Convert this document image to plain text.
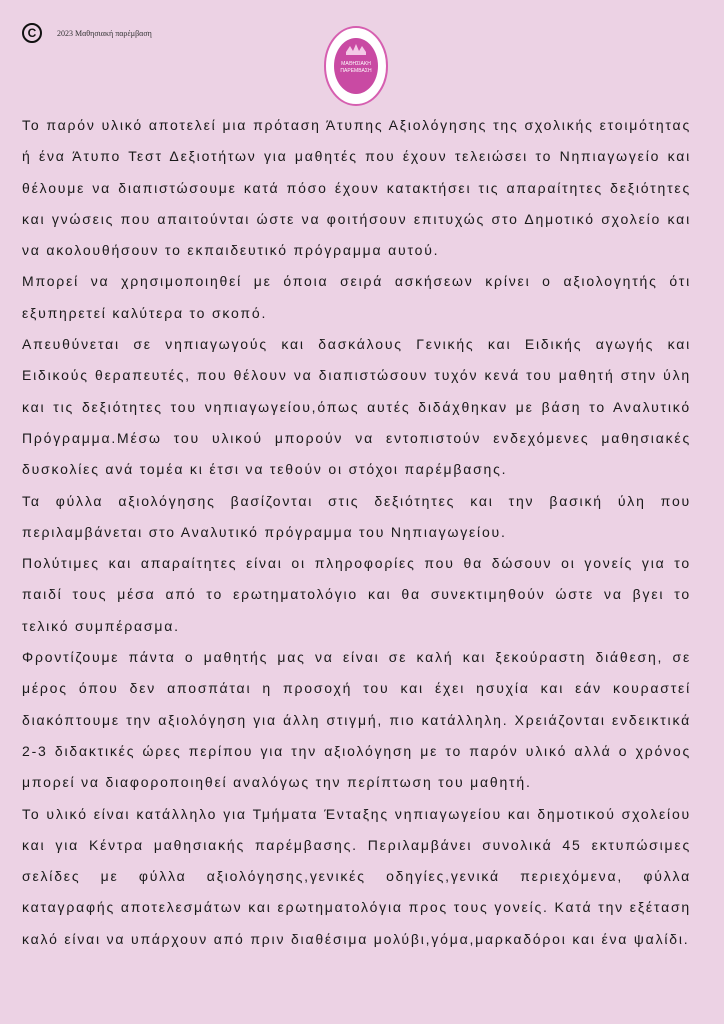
C	2023 Μαθησιακή παρέμβαση
ΜΑΘΗΣΙΑΚΗ
ΠΑΡΕΜΒΑΣΗ

Το παρόν υλικό αποτελεί μια πρόταση Άτυπης Αξιολόγησης της σχολικής ετοιμότητας ή ένα Άτυπο Τεστ Δεξιοτήτων για μαθητές που έχουν τελειώσει το Νηπιαγωγείο και θέλουμε να διαπιστώσουμε κατά πόσο έχουν κατακτήσει τις απαραίτητες δεξιότητες και γνώσεις που απαιτούνται ώστε να φοιτήσουν επιτυχώς στο Δημοτικό σχολείο και να ακολουθήσουν το εκπαιδευτικό πρόγραμμα αυτού.

Μπορεί να χρησιμοποιηθεί με όποια σειρά ασκήσεων κρίνει ο αξιολογητής ότι εξυπηρετεί καλύτερα το σκοπό.

Απευθύνεται σε νηπιαγωγούς και δασκάλους Γενικής και Ειδικής αγωγής και Ειδικούς θεραπευτές, που θέλουν να διαπιστώσουν τυχόν κενά του μαθητή στην ύλη και τις δεξιότητες του νηπιαγωγείου,όπως αυτές διδάχθηκαν με βάση το Αναλυτικό Πρόγραμμα.Μέσω του υλικού μπορούν να εντοπιστούν ενδεχόμενες μαθησιακές δυσκολίες ανά τομέα κι έτσι να τεθούν οι στόχοι παρέμβασης.

Τα φύλλα αξιολόγησης βασίζονται στις δεξιότητες και την βασική ύλη που περιλαμβάνεται στο Αναλυτικό πρόγραμμα του Νηπιαγωγείου.

Πολύτιμες και απαραίτητες είναι οι πληροφορίες που θα δώσουν οι γονείς για το παιδί τους μέσα από το ερωτηματολόγιο και θα συνεκτιμηθούν ώστε να βγει το τελικό συμπέρασμα.

Φροντίζουμε πάντα ο μαθητής μας να είναι σε καλή και ξεκούραστη διάθεση, σε μέρος όπου δεν αποσπάται η προσοχή του και έχει ησυχία και εάν κουραστεί διακόπτουμε την αξιολόγηση για άλλη στιγμή, πιο κατάλληλη. Χρειάζονται ενδεικτικά 2-3 διδακτικές ώρες περίπου για την αξιολόγηση με το παρόν υλικό αλλά ο χρόνος μπορεί να διαφοροποιηθεί αναλόγως την περίπτωση του μαθητή.

Το υλικό είναι κατάλληλο για Τμήματα Ένταξης νηπιαγωγείου και δημοτικού σχολείου και για Κέντρα μαθησιακής παρέμβασης. Περιλαμβάνει συνολικά 45 εκτυπώσιμες σελίδες με φύλλα αξιολόγησης,γενικές οδηγίες,γενικά περιεχόμενα, φύλλα καταγραφής αποτελεσμάτων και ερωτηματολόγια προς τους γονείς. Κατά την εξέταση καλό είναι να υπάρχουν από πριν διαθέσιμα μολύβι,γόμα,μαρκαδόροι και ένα ψαλίδι.
